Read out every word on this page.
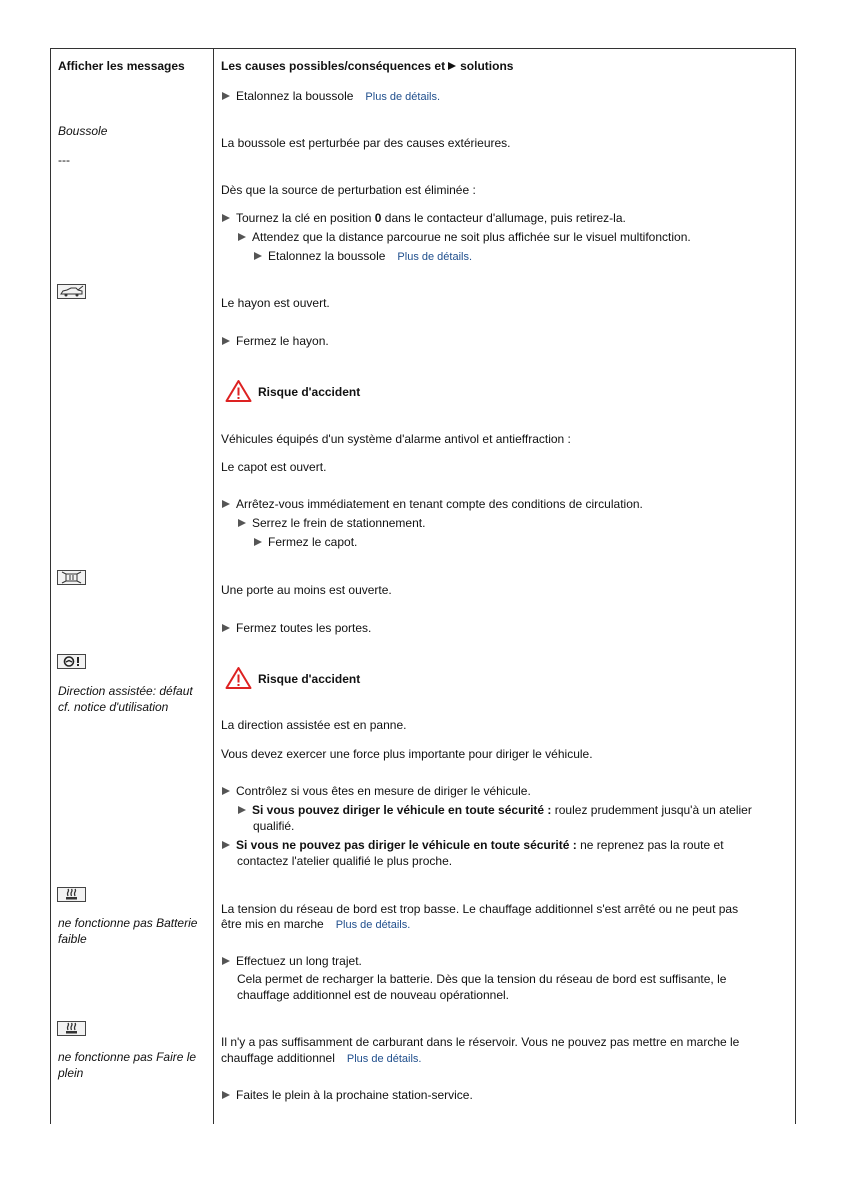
Afficher les messages	Les causes possibles/conséquences et solutions
Etalonnez la boussole Plus de détails.
Boussole
---
La boussole est perturbée par des causes extérieures.
Dès que la source de perturbation est éliminée :
Tournez la clé en position 0 dans le contacteur d'allumage, puis retirez-la.
Attendez que la distance parcourue ne soit plus affichée sur le visuel multifonction.
Etalonnez la boussole Plus de détails.
Le hayon est ouvert.
Fermez le hayon.
Risque d'accident
Véhicules équipés d'un système d'alarme antivol et antieffraction :
Le capot est ouvert.
Arrêtez-vous immédiatement en tenant compte des conditions de circulation.
Serrez le frein de stationnement.
Fermez le capot.
Une porte au moins est ouverte.
Fermez toutes les portes.
Direction assistée: défaut
cf. notice d'utilisation
Risque d'accident
La direction assistée est en panne.
Vous devez exercer une force plus importante pour diriger le véhicule.
Contrôlez si vous êtes en mesure de diriger le véhicule.
Si vous pouvez diriger le véhicule en toute sécurité : roulez prudemment jusqu'à un atelier
qualifié.
Si vous ne pouvez pas diriger le véhicule en toute sécurité : ne reprenez pas la route et
contactez l'atelier qualifié le plus proche.
ne fonctionne pas Batterie
faible
La tension du réseau de bord est trop basse. Le chauffage additionnel s'est arrêté ou ne peut pas
être mis en marche Plus de détails.
Effectuez un long trajet.
Cela permet de recharger la batterie. Dès que la tension du réseau de bord est suffisante, le
chauffage additionnel est de nouveau opérationnel.
ne fonctionne pas Faire le
plein
Il n'y a pas suffisamment de carburant dans le réservoir. Vous ne pouvez pas mettre en marche le
chauffage additionnel Plus de détails.
Faites le plein à la prochaine station-service.
